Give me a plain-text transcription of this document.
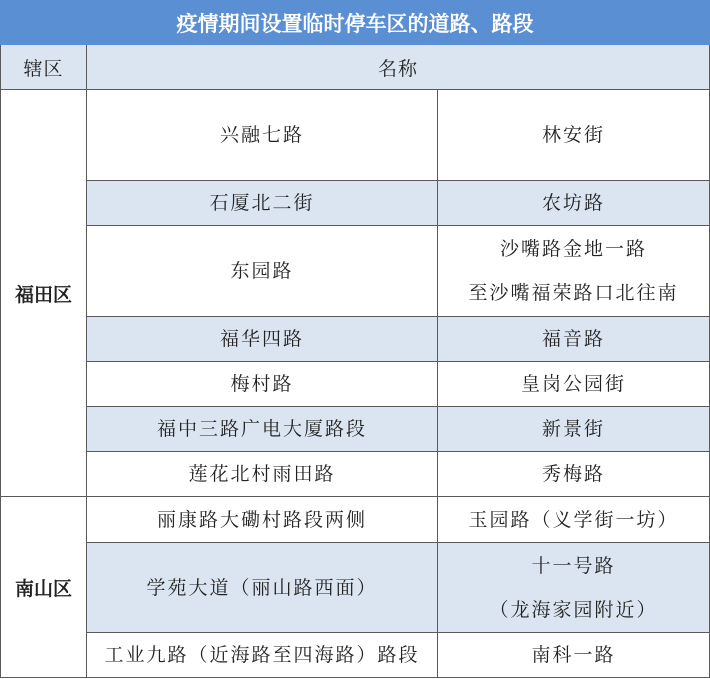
疫情期间设置临时停车区的道路、路段		
辖区	名称	
福田区	兴融七路	林安街

	石厦北二街	农坊路

	东园路	沙嘴路金地一路
至沙嘴福荣路口北往南

	福华四路	福音路

	梅村路	皇岗公园街

	福中三路广电大厦路段	新景街

	莲花北村雨田路	秀梅路

南山区	丽康路大磡村路段两侧	玉园路（义学街一坊）

	学苑大道（丽山路西面）	十一号路
（龙海家园附近）

	工业九路（近海路至四海路）路段	南科一路
